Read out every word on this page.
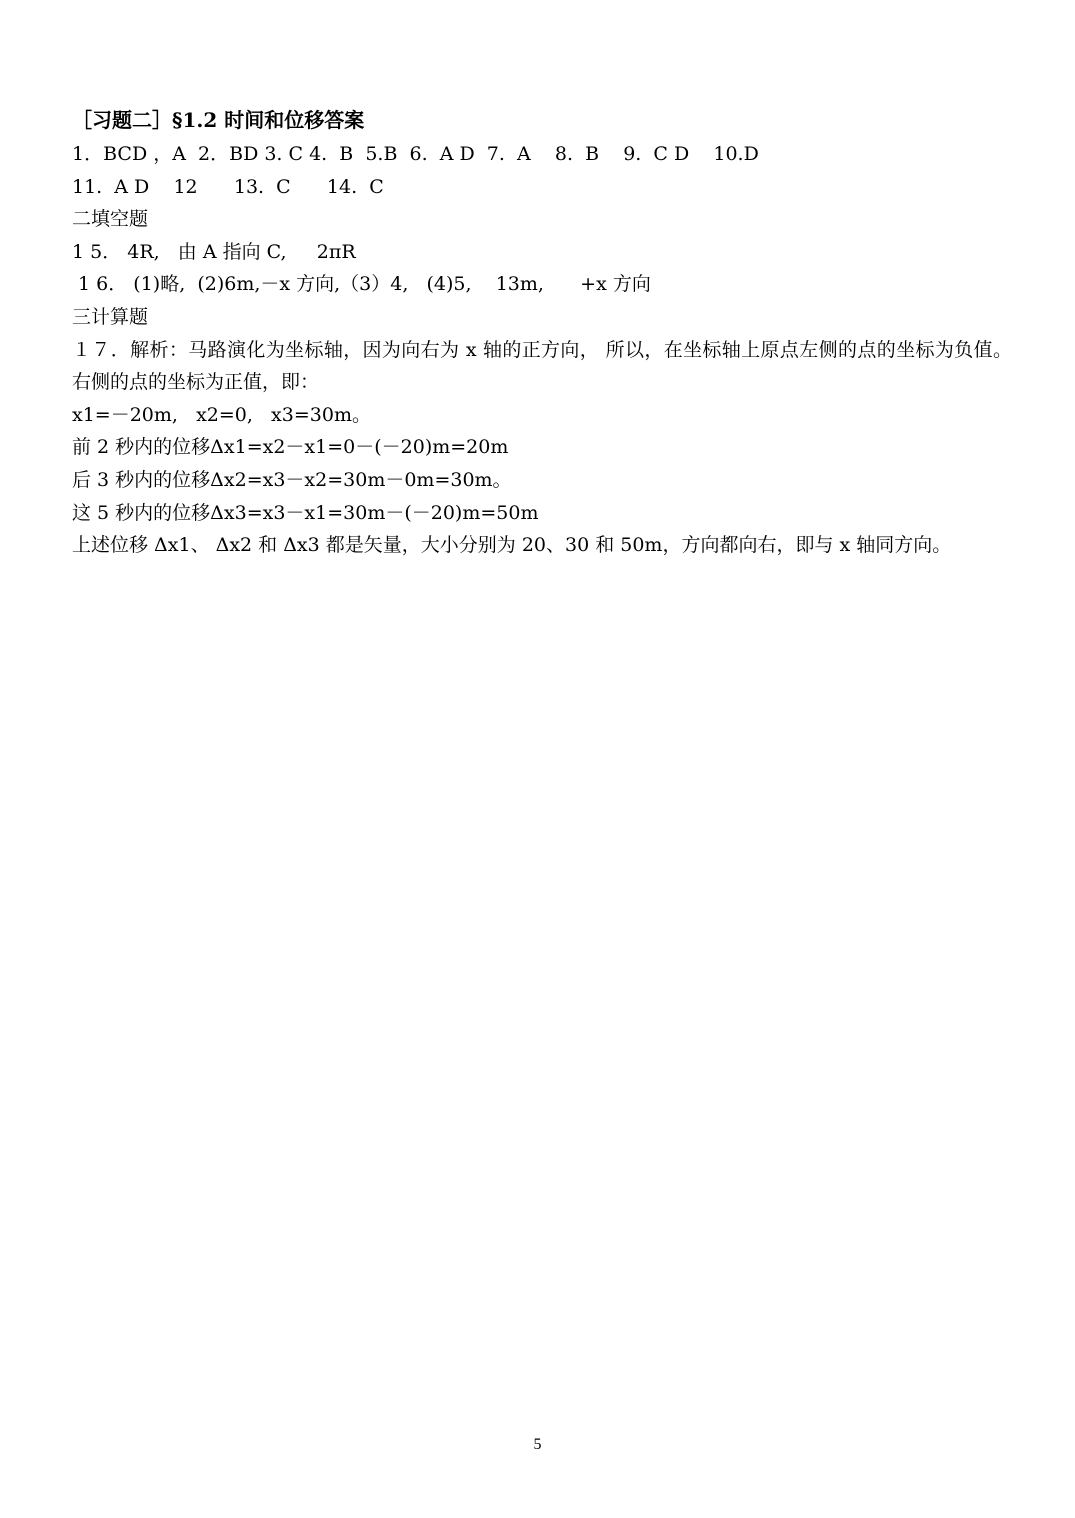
［习题二］§1.2 时间和位移答案
1．BCD ，A  2．BD 3. C 4.  B  5.B  6.  A D  7.  A    8.  B    9.  C D    10.D
11.  A D    12      13.  C      14.  C
二填空题
1 5． 4R,   由 A 指向 C,     2πR
1 6． (1)略,  (2)6m,－x 方向,（3）4,   (4)5,    13m,      +x 方向
三计算题
１７．解析：马路演化为坐标轴，因为向右为 x 轴的正方向， 所以，在坐标轴上原点左侧的点的坐标为负值。右侧的点的坐标为正值，即：
x1=－20m,   x2=0,   x3=30m。
前 2 秒内的位移Δx1=x2－x1=0－(－20)m=20m
后 3 秒内的位移Δx2=x3－x2=30m－0m=30m。
这 5 秒内的位移Δx3=x3－x1=30m－(－20)m=50m
上述位移 Δx1、 Δx2 和 Δx3 都是矢量，大小分别为 20、30 和 50m，方向都向右，即与 x 轴同方向。
5
